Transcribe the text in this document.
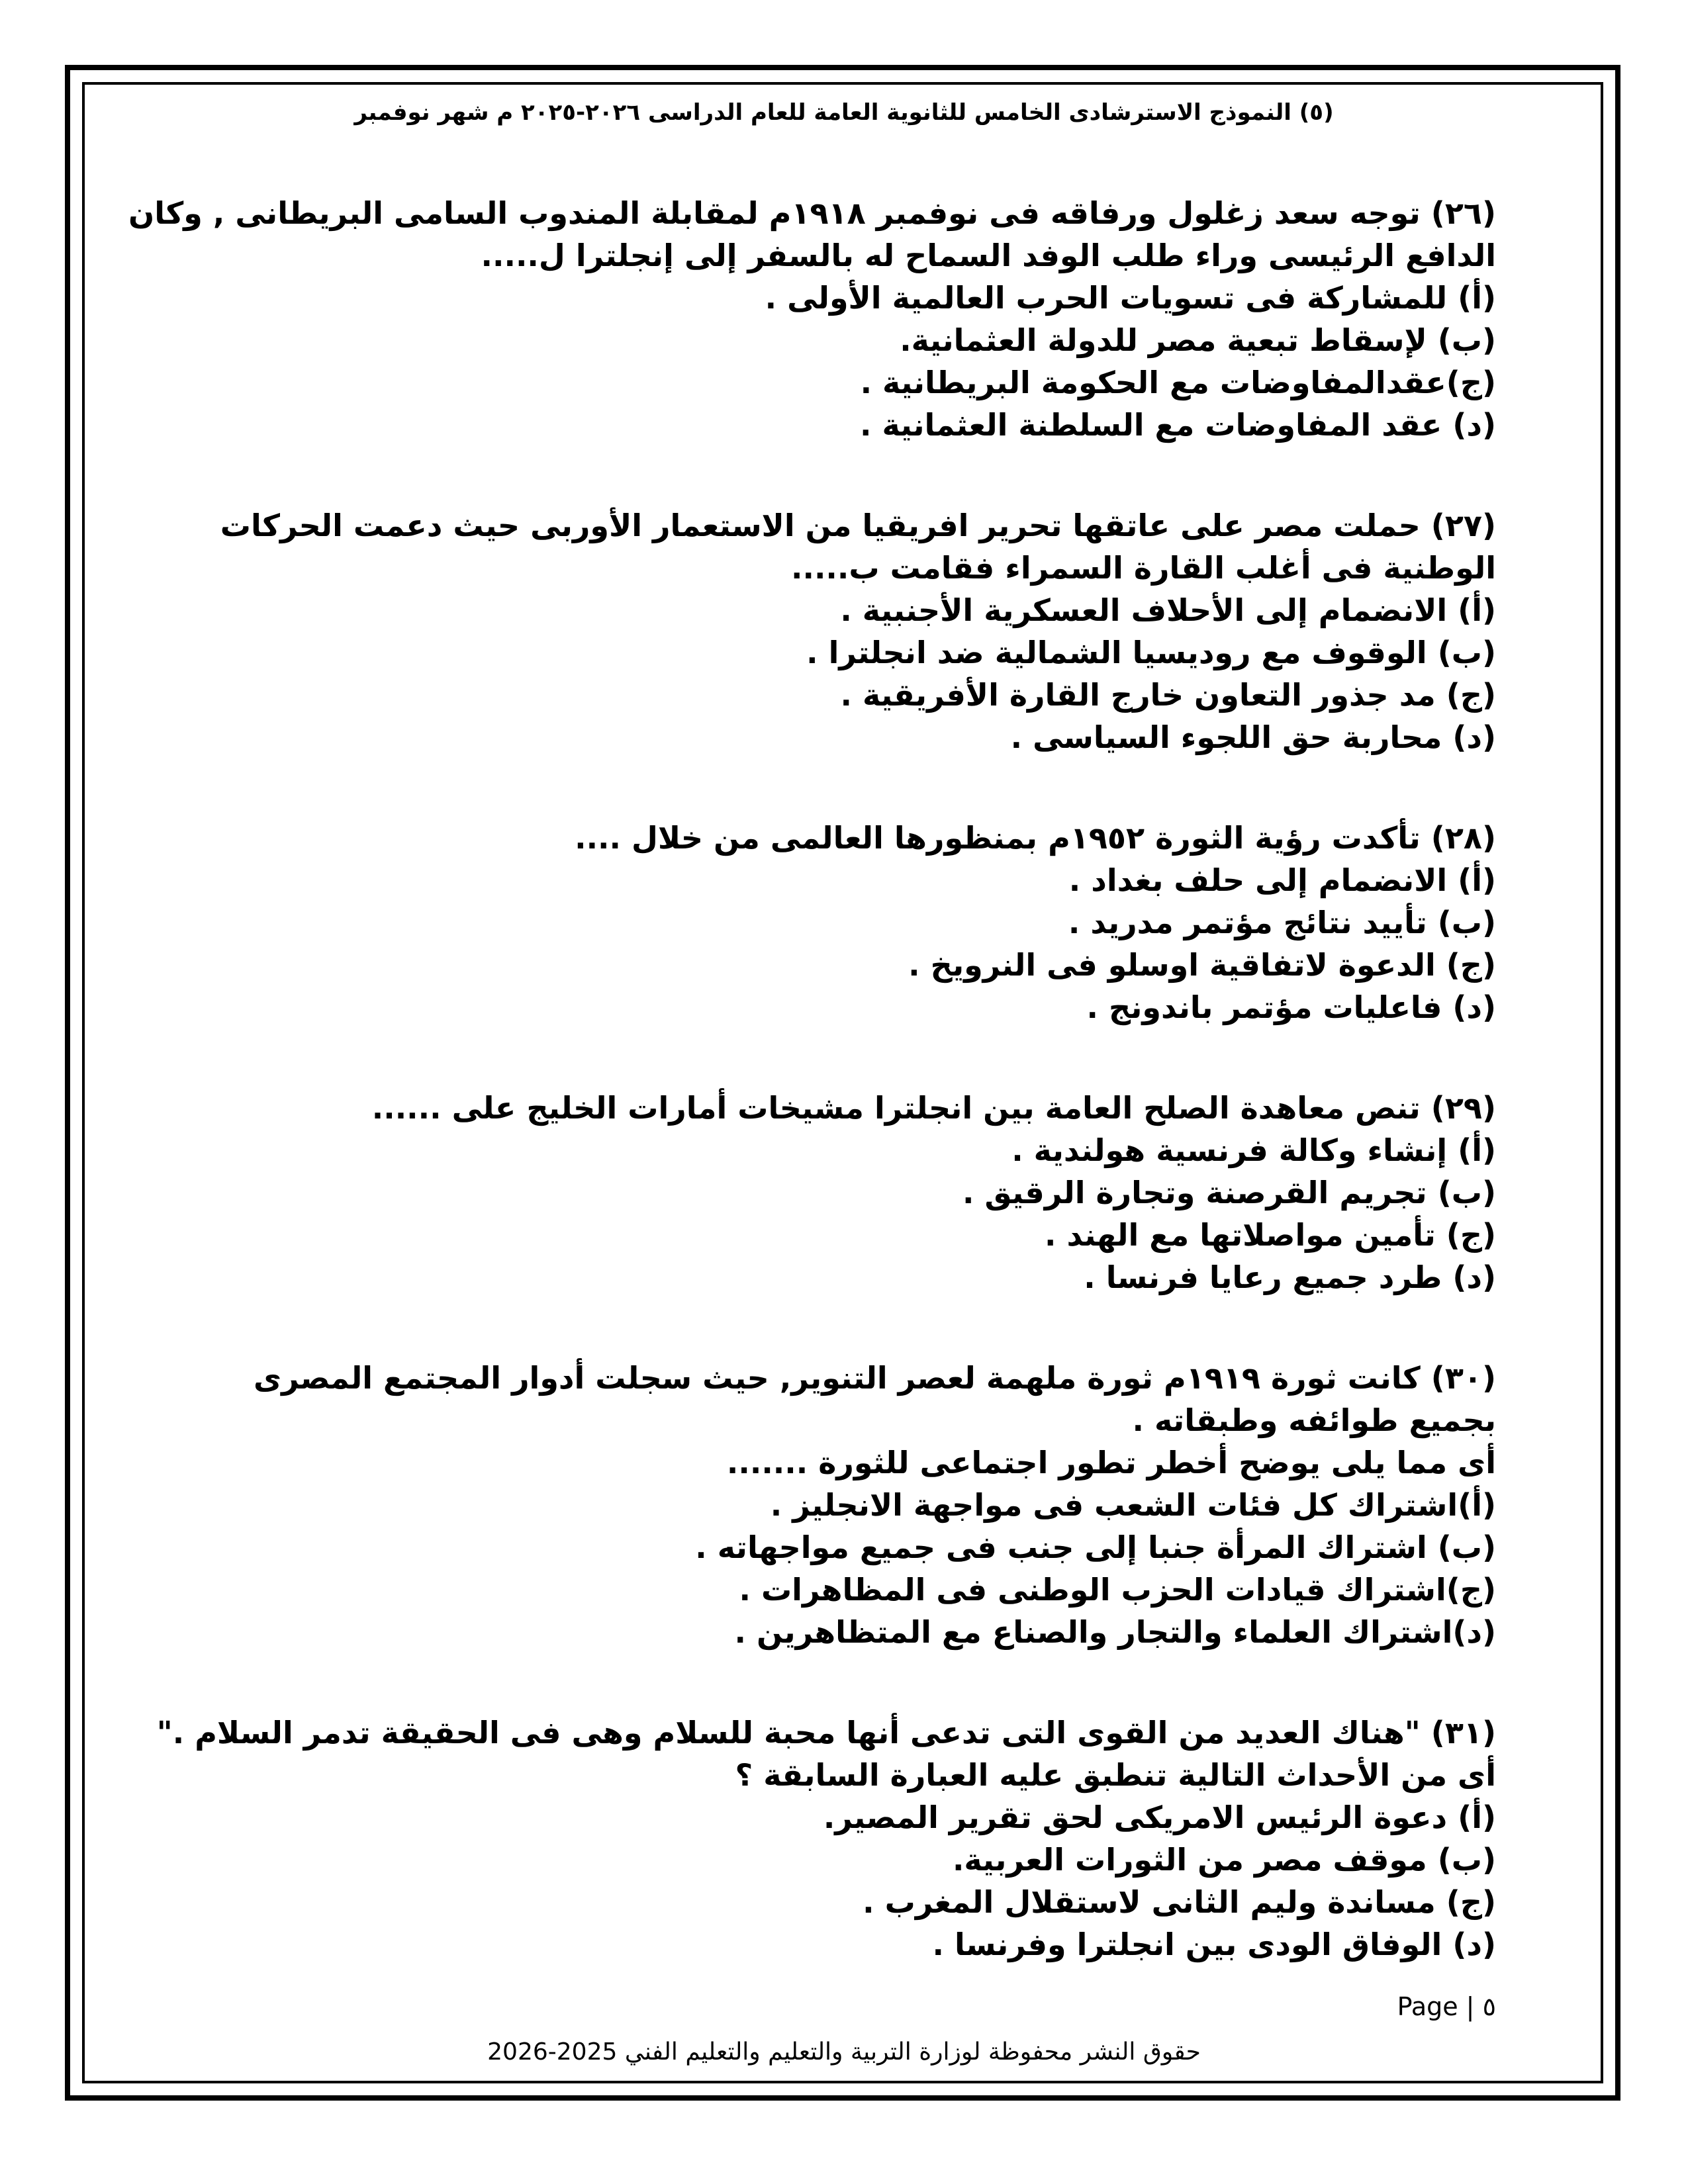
(٥) النموذج الاسترشادى الخامس للثانوية العامة للعام الدراسى ٢٠٢٦-٢٠٢٥ م شهر نوفمبر
(٢٦) توجه سعد زغلول ورفاقه فى نوفمبر ١٩١٨م لمقابلة المندوب السامى البريطانى , وكان
الدافع الرئيسى وراء طلب الوفد السماح له بالسفر إلى إنجلترا ل.....
(أ) للمشاركة فى تسويات الحرب العالمية الأولى .
(ب) لإسقاط تبعية مصر للدولة العثمانية.
(ج)عقدالمفاوضات مع الحكومة البريطانية .
(د) عقد المفاوضات مع السلطنة العثمانية .
(٢٧) حملت مصر على عاتقها تحرير افريقيا من الاستعمار الأوربى حيث دعمت الحركات
الوطنية فى أغلب القارة السمراء فقامت ب.....
(أ) الانضمام إلى الأحلاف العسكرية الأجنبية .
(ب) الوقوف مع روديسيا الشمالية ضد انجلترا .
(ج) مد جذور التعاون خارج القارة الأفريقية .
(د) محاربة حق اللجوء السياسى .
(٢٨) تأكدت رؤية الثورة ١٩٥٢م بمنظورها العالمى من خلال ....
(أ) الانضمام إلى حلف بغداد .
(ب) تأييد نتائج مؤتمر مدريد .
(ج) الدعوة لاتفاقية اوسلو فى النرويخ .
(د) فاعليات مؤتمر باندونج .
(٢٩) تنص معاهدة الصلح العامة بين انجلترا مشيخات أمارات الخليج على ......
(أ) إنشاء وكالة فرنسية هولندية .
(ب) تجريم القرصنة وتجارة الرقيق .
(ج) تأمين مواصلاتها مع الهند .
(د) طرد جميع رعايا فرنسا .
(٣٠) كانت ثورة ١٩١٩م ثورة ملهمة لعصر التنوير, حيث سجلت أدوار المجتمع المصرى
بجميع طوائفه وطبقاته .
أى مما يلى يوضح أخطر تطور اجتماعى للثورة .......
(أ)اشتراك كل فئات الشعب فى مواجهة الانجليز .
(ب) اشتراك المرأة جنبا إلى جنب فى جميع مواجهاته .
(ج)اشتراك قيادات الحزب الوطنى فى المظاهرات .
(د)اشتراك العلماء والتجار والصناع مع المتظاهرين .
(٣١) "هناك العديد من القوى التى تدعى أنها محبة للسلام وهى فى الحقيقة تدمر السلام ."
أى من الأحداث التالية تنطبق عليه العبارة السابقة ؟
(أ) دعوة الرئيس الامريكى لحق تقرير المصير.
(ب) موقف مصر من الثورات العربية.
(ج) مساندة وليم الثانى لاستقلال المغرب .
(د) الوفاق الودى بين انجلترا وفرنسا .
Page | ٥
حقوق النشر محفوظة لوزارة التربية والتعليم والتعليم الفني 2025-2026
